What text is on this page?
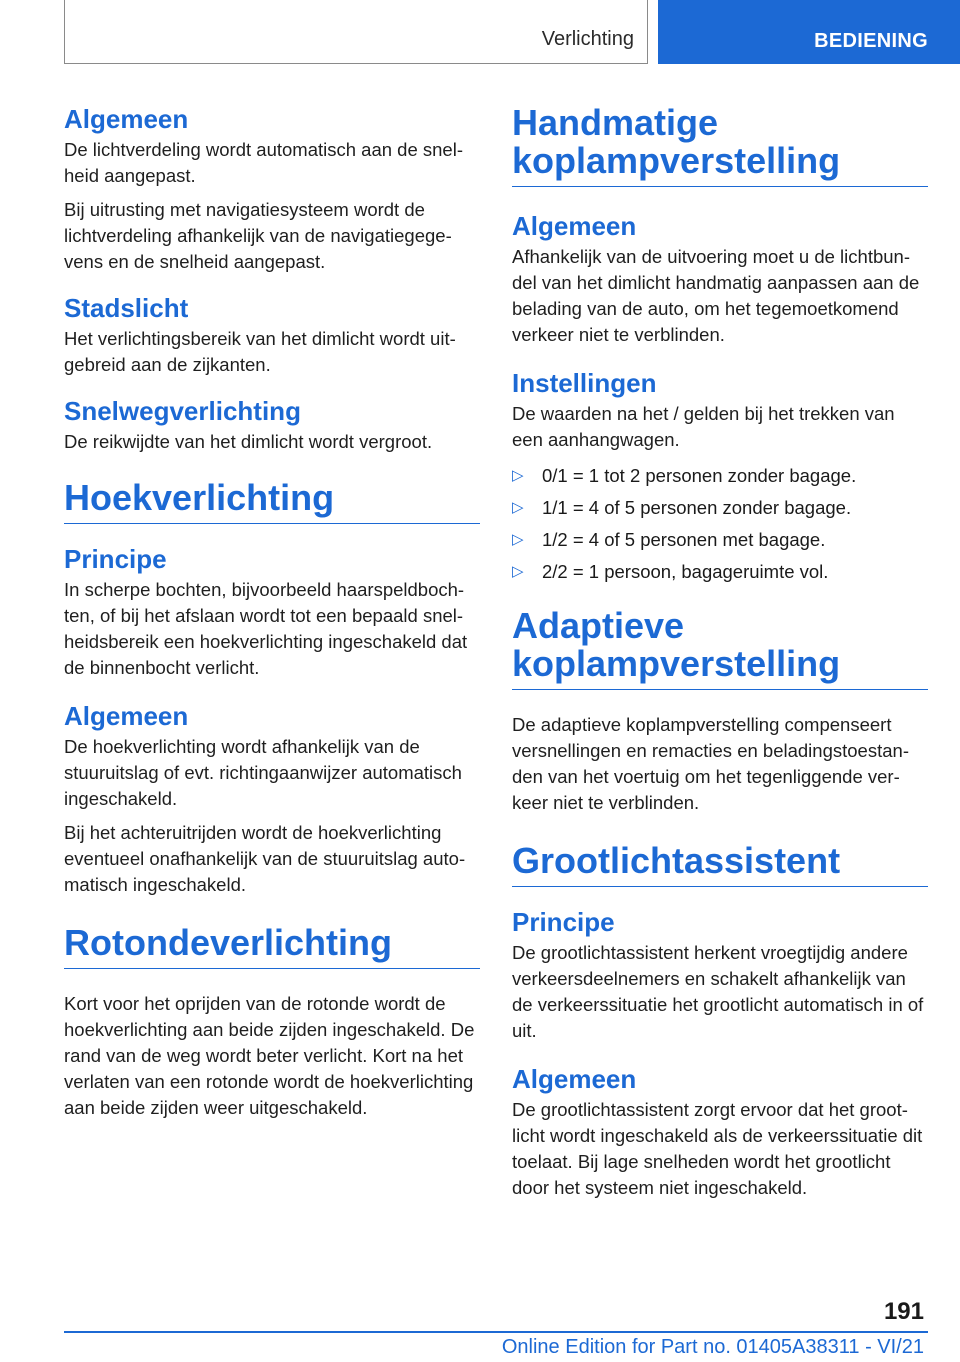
Verlichting	BEDIENING
Algemeen

De lichtverdeling wordt automatisch aan de snelheid aangepast.

Bij uitrusting met navigatiesysteem wordt de lichtverdeling afhankelijk van de navigatiegegevens en de snelheid aangepast.

Stadslicht

Het verlichtingsbereik van het dimlicht wordt uitgebreid aan de zijkanten.

Snelwegverlichting

De reikwijdte van het dimlicht wordt vergroot.

Hoekverlichting
Principe

In scherpe bochten, bijvoorbeeld haarspeldbochten, of bij het afslaan wordt tot een bepaald snelheidsbereik een hoekverlichting ingeschakeld dat de binnenbocht verlicht.

Algemeen

De hoekverlichting wordt afhankelijk van de stuuruitslag of evt. richtingaanwijzer automatisch ingeschakeld.

Bij het achteruitrijden wordt de hoekverlichting eventueel onafhankelijk van de stuuruitslag automatisch ingeschakeld.

Rotondeverlichting

Kort voor het oprijden van de rotonde wordt de hoekverlichting aan beide zijden ingeschakeld. De rand van de weg wordt beter verlicht. Kort na het verlaten van een rotonde wordt de hoekverlichting aan beide zijden weer uitgeschakeld.

Handmatige koplampverstelling
Algemeen

Afhankelijk van de uitvoering moet u de lichtbundel van het dimlicht handmatig aanpassen aan de belading van de auto, om het tegemoetkomend verkeer niet te verblinden.

Instellingen

De waarden na het / gelden bij het trekken van een aanhangwagen.

▷ 0/1 = 1 tot 2 personen zonder bagage.
▷ 1/1 = 4 of 5 personen zonder bagage.
▷ 1/2 = 4 of 5 personen met bagage.
▷ 2/2 = 1 persoon, bagageruimte vol.
Adaptieve koplampverstelling

De adaptieve koplampverstelling compenseert versnellingen en remacties en beladingstoestanden van het voertuig om het tegenliggende verkeer niet te verblinden.

Grootlichtassistent
Principe

De grootlichtassistent herkent vroegtijdig andere verkeersdeelnemers en schakelt afhankelijk van de verkeerssituatie het grootlicht automatisch in of uit.

Algemeen

De grootlichtassistent zorgt ervoor dat het grootlicht wordt ingeschakeld als de verkeerssituatie dit toelaat. Bij lage snelheden wordt het grootlicht door het systeem niet ingeschakeld.

191
Online Edition for Part no. 01405A38311 - VI/21
